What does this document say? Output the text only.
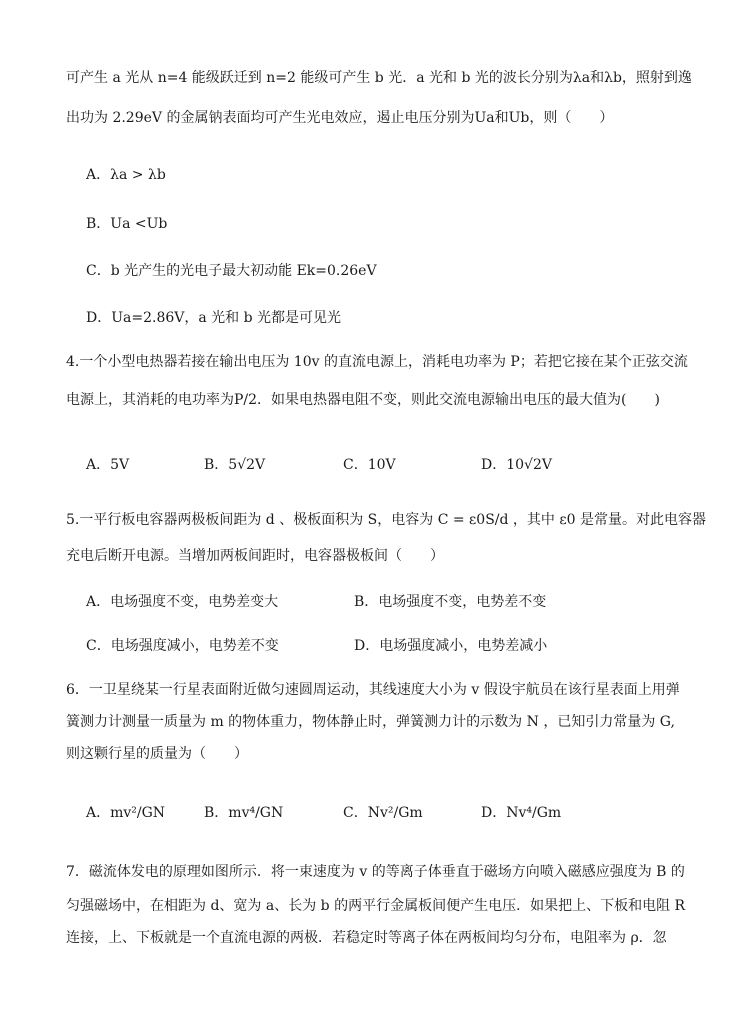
可产生 a 光从 n=4 能级跃迁到 n=2 能级可产生 b 光．a 光和 b 光的波长分别为λa和λb，照射到逸
出功为 2.29eV 的金属钠表面均可产生光电效应，遏止电压分别为Ua和Ub，则（　　）
A．λa > λb
B．Ua <Ub
C．b 光产生的光电子最大初动能 Ek=0.26eV
D．Ua=2.86V，a 光和 b 光都是可见光
4.一个小型电热器若接在输出电压为 10v 的直流电源上，消耗电功率为 P；若把它接在某个正弦交流
电源上，其消耗的电功率为P/2．如果电热器电阻不变，则此交流电源输出电压的最大值为(　　)
A．5V	B．5√2V	C．10V	D．10√2V
5.一平行板电容器两极板间距为 d 、极板面积为 S，电容为 C = ε0S/d ，其中 ε0 是常量。对此电容器
充电后断开电源。当增加两板间距时，电容器极板间（　　）
A．电场强度不变，电势差变大	B．电场强度不变，电势差不变
C．电场强度减小，电势差不变	D．电场强度减小，电势差减小
6．一卫星绕某一行星表面附近做匀速圆周运动，其线速度大小为 v 假设宇航员在该行星表面上用弹
簧测力计测量一质量为 m 的物体重力，物体静止时，弹簧测力计的示数为 N ，已知引力常量为 G,
则这颗行星的质量为（　　）
A．mv²/GN	B．mv⁴/GN	C．Nv²/Gm	D．Nv⁴/Gm
7．磁流体发电的原理如图所示．将一束速度为 v 的等离子体垂直于磁场方向喷入磁感应强度为 B 的
匀强磁场中，在相距为 d、宽为 a、长为 b 的两平行金属板间便产生电压．如果把上、下板和电阻 R
连接，上、下板就是一个直流电源的两极．若稳定时等离子体在两板间均匀分布，电阻率为 ρ．忽
